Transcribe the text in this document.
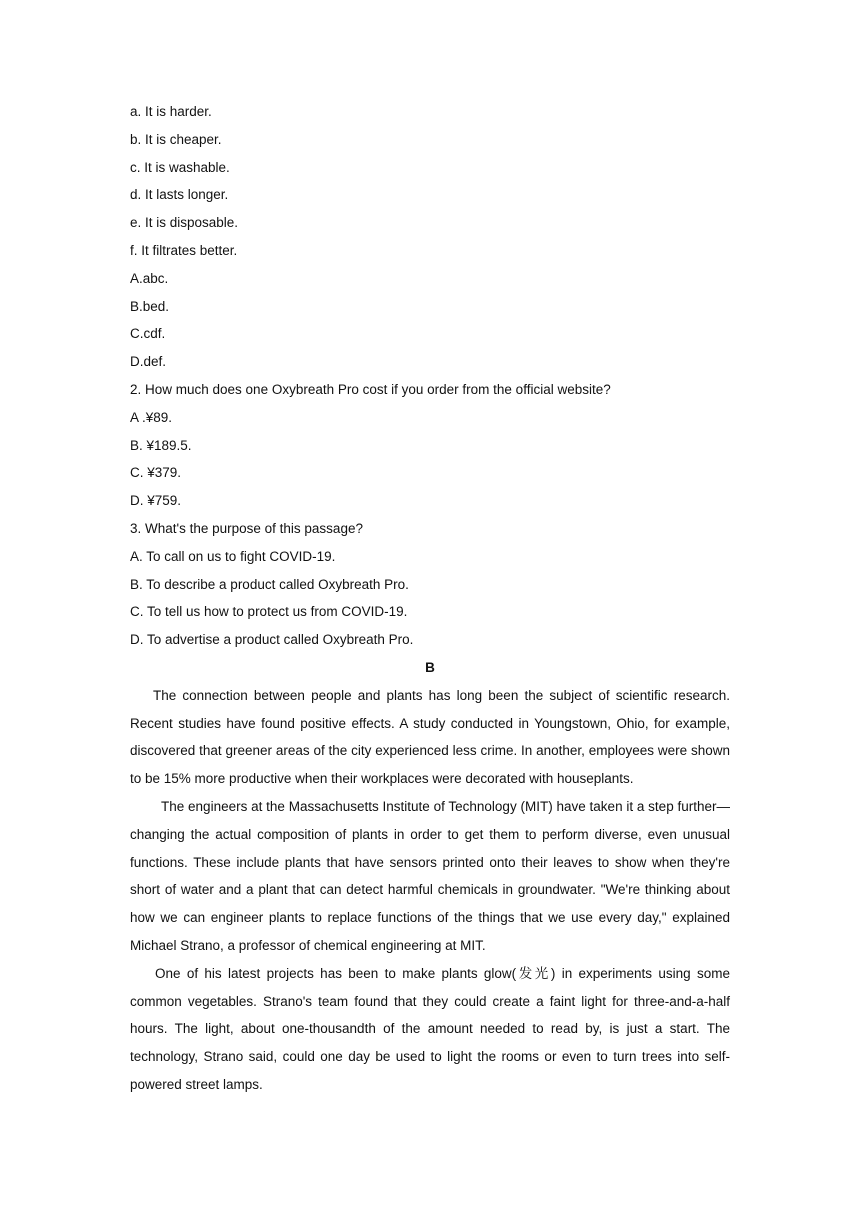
a. It is harder.
b. It is cheaper.
c. It is washable.
d. It lasts longer.
e. It is disposable.
f. It filtrates better.
A.abc.
B.bed.
C.cdf.
D.def.
2. How much does one Oxybreath Pro cost if you order from the official website?
A .¥89.
B. ¥189.5.
C. ¥379.
D. ¥759.
3. What's the purpose of this passage?
A. To call on us to fight COVID-19.
B. To describe a product called Oxybreath Pro.
C. To tell us how to protect us from COVID-19.
D. To advertise a product called Oxybreath Pro.
B

The connection between people and plants has long been the subject of scientific research. Recent studies have found positive effects. A study conducted in Youngstown, Ohio, for example, discovered that greener areas of the city experienced less crime. In another, employees were shown to be 15% more productive when their workplaces were decorated with houseplants.

The engineers at the Massachusetts Institute of Technology (MIT) have taken it a step further— changing the actual composition of plants in order to get them to perform diverse, even unusual functions. These include plants that have sensors printed onto their leaves to show when they're short of water and a plant that can detect harmful chemicals in groundwater. "We're thinking about how we can engineer plants to replace functions of the things that we use every day," explained Michael Strano, a professor of chemical engineering at MIT.

One of his latest projects has been to make plants glow(发光) in experiments using some common vegetables. Strano's team found that they could create a faint light for three-and-a-half hours. The light, about one-thousandth of the amount needed to read by, is just a start. The technology, Strano said, could one day be used to light the rooms or even to turn trees into self-powered street lamps.
